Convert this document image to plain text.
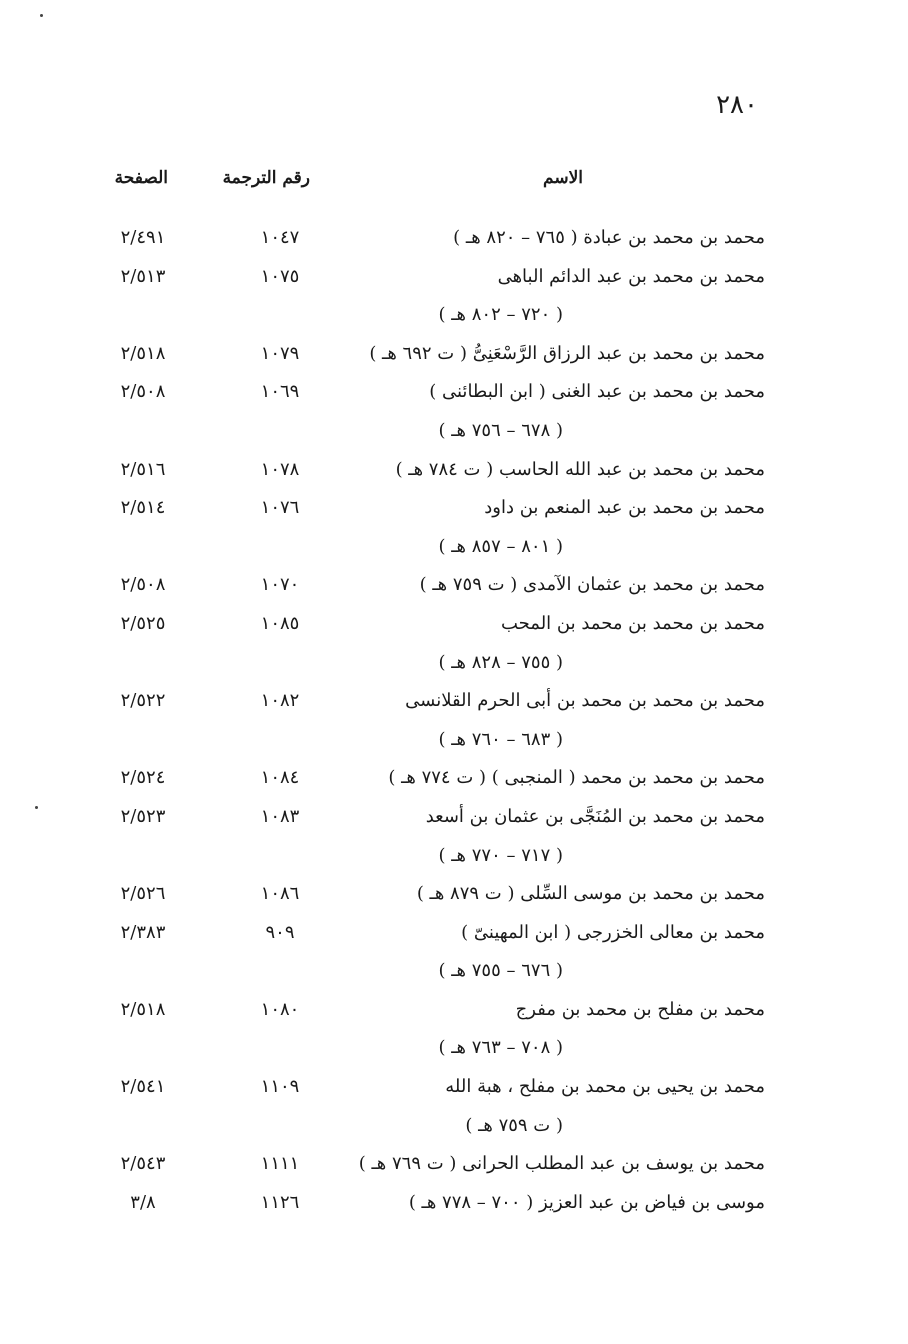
٢٨٠
الاسم
رقم الترجمة
الصفحة
محمد بن محمد بن عبادة ( ٧٦٥ – ٨٢٠ هـ )
١٠٤٧
٢/٤٩١
محمد بن محمد بن عبد الدائم الباهى
١٠٧٥
٢/٥١٣
( ٧٢٠ – ٨٠٢ هـ )
محمد بن محمد بن عبد الرزاق الرَّسْعَنِىُّ ( ت ٦٩٢ هـ )
١٠٧٩
٢/٥١٨
محمد بن محمد بن عبد الغنى ( ابن البطائنى )
١٠٦٩
٢/٥٠٨
( ٦٧٨ – ٧٥٦ هـ )
محمد بن محمد بن عبد الله الحاسب ( ت ٧٨٤ هـ )
١٠٧٨
٢/٥١٦
محمد بن محمد بن عبد المنعم بن داود
١٠٧٦
٢/٥١٤
( ٨٠١ – ٨٥٧ هـ )
محمد بن محمد بن عثمان الآمدى ( ت ٧٥٩ هـ )
١٠٧٠
٢/٥٠٨
محمد بن محمد بن محمد بن المحب
١٠٨٥
٢/٥٢٥
( ٧٥٥ – ٨٢٨ هـ )
محمد بن محمد بن محمد بن أبى الحرم القلانسى
١٠٨٢
٢/٥٢٢
( ٦٨٣ – ٧٦٠ هـ )
محمد بن محمد بن محمد ( المنجبى ) ( ت ٧٧٤ هـ )
١٠٨٤
٢/٥٢٤
محمد بن محمد بن المُنَجَّى بن عثمان بن أسعد
١٠٨٣
٢/٥٢٣
( ٧١٧ – ٧٧٠ هـ )
محمد بن محمد بن موسى السِّلى ( ت ٨٧٩ هـ )
١٠٨٦
٢/٥٢٦
محمد بن معالى الخزرجى ( ابن المهينىّ )
٩٠٩
٢/٣٨٣
( ٦٧٦ – ٧٥٥ هـ )
محمد بن مفلح بن محمد بن مفرج
١٠٨٠
٢/٥١٨
( ٧٠٨ – ٧٦٣ هـ )
محمد بن يحيى بن محمد بن مفلح ، هبة الله
١١٠٩
٢/٥٤١
( ت ٧٥٩ هـ )
محمد بن يوسف بن عبد المطلب الحرانى ( ت ٧٦٩ هـ )
١١١١
٢/٥٤٣
موسى بن فياض بن عبد العزيز ( ٧٠٠ – ٧٧٨ هـ )
١١٢٦
٣/٨
